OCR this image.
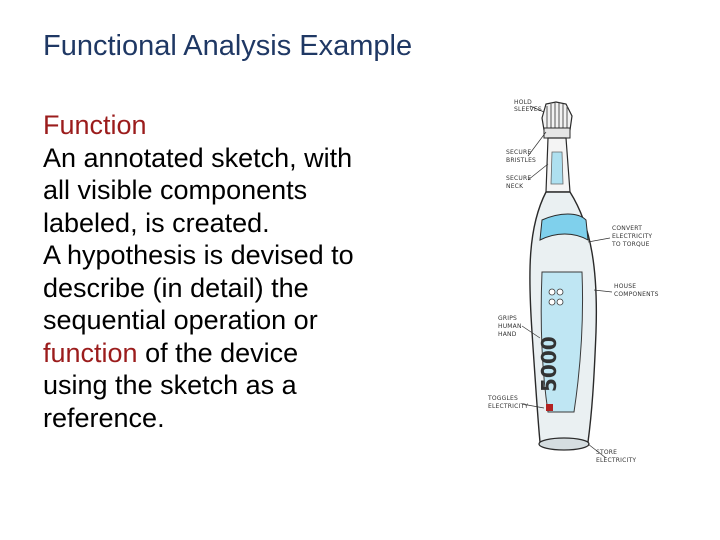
Functional Analysis Example

Function

An annotated sketch, with
all visible components
labeled, is created.

A hypothesis is devised to
describe (in detail) the
sequential operation or
function of the device
using the sketch as a
reference.

5000
HOLD
SLEEVES
SECURE
BRISTLES
SECURE
NECK
CONVERT
ELECTRICITY
TO TORQUE
HOUSE
COMPONENTS
GRIPS
HUMAN
HAND
TOGGLES
ELECTRICITY
STORE
ELECTRICITY
